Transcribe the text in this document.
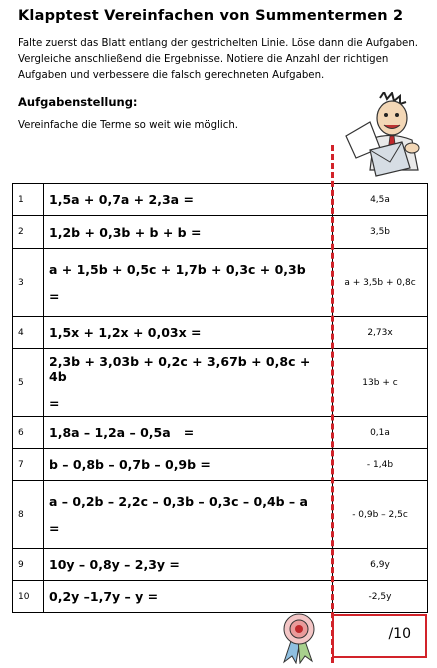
Klapptest Vereinfachen von Summentermen 2
Falte zuerst das Blatt entlang der gestrichelten Linie. Löse dann die Aufgaben.
Vergleiche anschließend die Ergebnisse. Notiere die Anzahl der richtigen
Aufgaben und verbessere die falsch gerechneten Aufgaben.
Aufgabenstellung:
Vereinfache die Terme so weit wie möglich.
1	1,5a + 0,7a + 2,3a =	4,5a
2	1,2b + 0,3b + b + b =	3,5b
3	a + 1,5b + 0,5c + 1,7b + 0,3c + 0,3b
=	a + 3,5b + 0,8c
4	1,5x + 1,2x + 0,03x =	2,73x
5	2,3b + 3,03b + 0,2c + 3,67b + 0,8c + 4b
=	13b + c
6	1,8a – 1,2a – 0,5a   =	0,1a
7	b – 0,8b – 0,7b – 0,9b =	- 1,4b
8	a – 0,2b – 2,2c – 0,3b – 0,3c – 0,4b – a
=	- 0,9b – 2,5c
9	10y – 0,8y – 2,3y =	6,9y
10	0,2y –1,7y – y =	-2,5y
/10
